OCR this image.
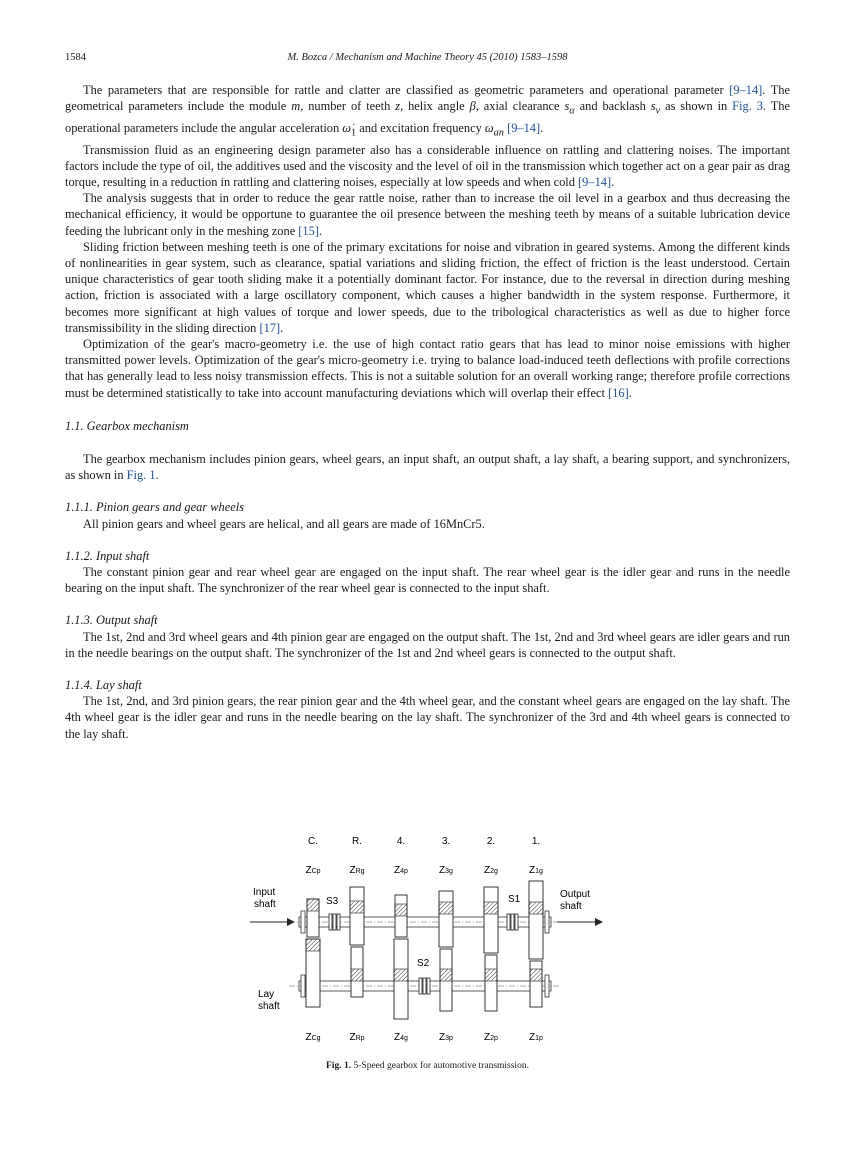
1584	M. Bozca / Mechanism and Machine Theory 45 (2010) 1583–1598

The parameters that are responsible for rattle and clatter are classified as geometric parameters and operational parameter [9–14]. The geometrical parameters include the module m, number of teeth z, helix angle β, axial clearance $s_\alpha$ and backlash $s_v$ as shown in Fig. 3. The operational parameters include the angular acceleration $\omegȧ_1$ and excitation frequency $\omega_{an}$ [9–14].

Transmission fluid as an engineering design parameter also has a considerable influence on rattling and clattering noises. The important factors include the type of oil, the additives used and the viscosity and the level of oil in the transmission which together act on a gear pair as drag torque, resulting in a reduction in rattling and clattering noises, especially at low speeds and when cold [9–14].

The analysis suggests that in order to reduce the gear rattle noise, rather than to increase the oil level in a gearbox and thus decreasing the mechanical efficiency, it would be opportune to guarantee the oil presence between the meshing teeth by means of a suitable lubrication device feeding the lubricant only in the meshing zone [15].

Sliding friction between meshing teeth is one of the primary excitations for noise and vibration in geared systems. Among the different kinds of nonlinearities in gear system, such as clearance, spatial variations and sliding friction, the effect of friction is the least understood. Certain unique characteristics of gear tooth sliding make it a potentially dominant factor. For instance, due to the reversal in direction during meshing action, friction is associated with a large oscillatory component, which causes a higher bandwidth in the system response. Furthermore, it becomes more significant at high values of torque and lower speeds, due to the tribological characteristics as well as due to higher force transmissibility in the sliding direction [17].

Optimization of the gear's macro-geometry i.e. the use of high contact ratio gears that has lead to minor noise emissions with higher transmitted power levels. Optimization of the gear's micro-geometry i.e. trying to balance load-induced teeth deflections with profile corrections that has generally lead to less noisy transmission effects. This is not a suitable solution for an overall working range; therefore profile corrections must be determined statistically to take into account manufacturing deviations which will overlap their effect [16].

1.1. Gearbox mechanism

The gearbox mechanism includes pinion gears, wheel gears, an input shaft, an output shaft, a lay shaft, a bearing support, and synchronizers, as shown in Fig. 1.

1.1.1. Pinion gears and gear wheels

All pinion gears and wheel gears are helical, and all gears are made of 16MnCr5.

1.1.2. Input shaft

The constant pinion gear and rear wheel gear are engaged on the input shaft. The rear wheel gear is the idler gear and runs in the needle bearing on the input shaft. The synchronizer of the rear wheel gear is connected to the input shaft.

1.1.3. Output shaft

The 1st, 2nd and 3rd wheel gears and 4th pinion gear are engaged on the output shaft. The 1st, 2nd and 3rd wheel gears are idler gears and run in the needle bearings on the output shaft. The synchronizer of the 1st and 2nd wheel gears is connected to the output shaft.

1.1.4. Lay shaft

The 1st, 2nd, and 3rd pinion gears, the rear pinion gear and the 4th wheel gear, and the constant wheel gears are engaged on the lay shaft. The 4th wheel gear is the idler gear and runs in the needle bearing on the lay shaft. The synchronizer of the 3rd and 4th wheel gears is connected to the lay shaft.

C.	R.	4.	3.	2.	1.
ZCp	ZRg	Z4p	Z3g	Z2g	Z1g
Input
shaft
Output
shaft
Lay
shaft
S3
S2
S1
ZCg	ZRp	Z4g	Z3p	Z2p	Z1p
Fig. 1. 5-Speed gearbox for automotive transmission.
